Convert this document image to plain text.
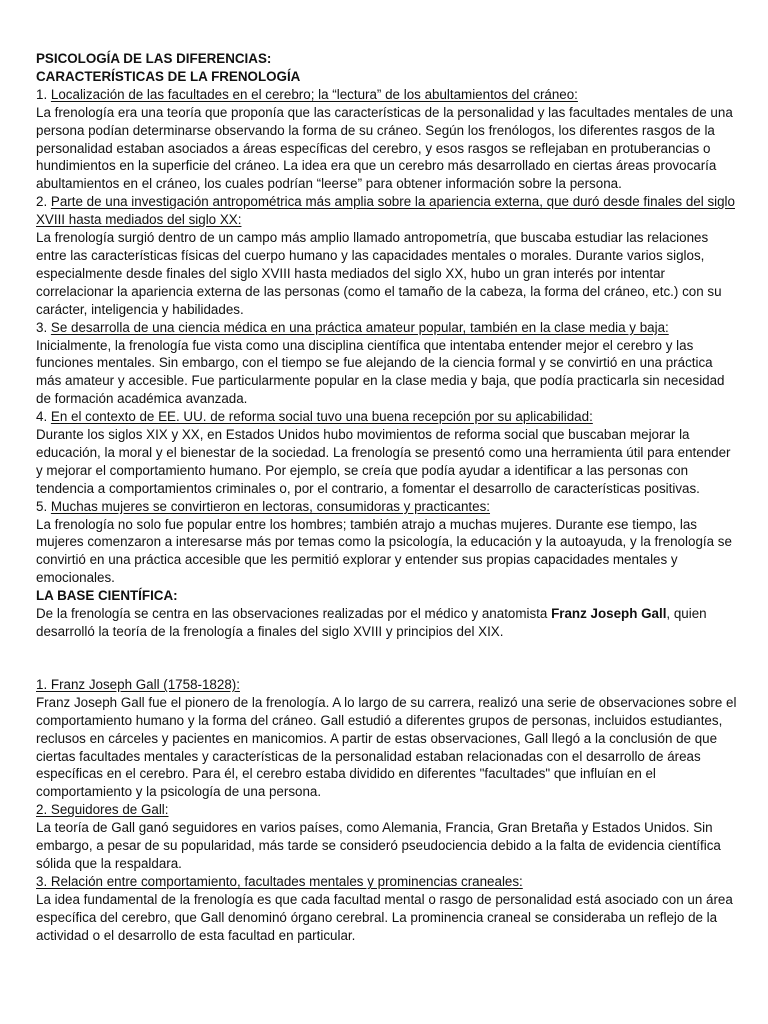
PSICOLOGÍA DE LAS DIFERENCIAS:

CARACTERÍSTICAS DE LA FRENOLOGÍA

1. Localización de las facultades en el cerebro; la “lectura” de los abultamientos del cráneo:

La frenología era una teoría que proponía que las características de la personalidad y las facultades mentales de una persona podían determinarse observando la forma de su cráneo. Según los frenólogos, los diferentes rasgos de la personalidad estaban asociados a áreas específicas del cerebro, y esos rasgos se reflejaban en protuberancias o hundimientos en la superficie del cráneo. La idea era que un cerebro más desarrollado en ciertas áreas provocaría abultamientos en el cráneo, los cuales podrían “leerse” para obtener información sobre la persona.

2. Parte de una investigación antropométrica más amplia sobre la apariencia externa, que duró desde finales del siglo XVIII hasta mediados del siglo XX:

La frenología surgió dentro de un campo más amplio llamado antropometría, que buscaba estudiar las relaciones entre las características físicas del cuerpo humano y las capacidades mentales o morales. Durante varios siglos, especialmente desde finales del siglo XVIII hasta mediados del siglo XX, hubo un gran interés por intentar correlacionar la apariencia externa de las personas (como el tamaño de la cabeza, la forma del cráneo, etc.) con su carácter, inteligencia y habilidades.

3. Se desarrolla de una ciencia médica en una práctica amateur popular, también en la clase media y baja:

Inicialmente, la frenología fue vista como una disciplina científica que intentaba entender mejor el cerebro y las funciones mentales. Sin embargo, con el tiempo se fue alejando de la ciencia formal y se convirtió en una práctica más amateur y accesible. Fue particularmente popular en la clase media y baja, que podía practicarla sin necesidad de formación académica avanzada.

4. En el contexto de EE. UU. de reforma social tuvo una buena recepción por su aplicabilidad:

Durante los siglos XIX y XX, en Estados Unidos hubo movimientos de reforma social que buscaban mejorar la educación, la moral y el bienestar de la sociedad. La frenología se presentó como una herramienta útil para entender y mejorar el comportamiento humano. Por ejemplo, se creía que podía ayudar a identificar a las personas con tendencia a comportamientos criminales o, por el contrario, a fomentar el desarrollo de características positivas.

5. Muchas mujeres se convirtieron en lectoras, consumidoras y practicantes:

La frenología no solo fue popular entre los hombres; también atrajo a muchas mujeres. Durante ese tiempo, las mujeres comenzaron a interesarse más por temas como la psicología, la educación y la autoayuda, y la frenología se convirtió en una práctica accesible que les permitió explorar y entender sus propias capacidades mentales y emocionales.

LA BASE CIENTÍFICA:

De la frenología se centra en las observaciones realizadas por el médico y anatomista Franz Joseph Gall, quien desarrolló la teoría de la frenología a finales del siglo XVIII y principios del XIX.

1. Franz Joseph Gall (1758-1828):

Franz Joseph Gall fue el pionero de la frenología. A lo largo de su carrera, realizó una serie de observaciones sobre el comportamiento humano y la forma del cráneo. Gall estudió a diferentes grupos de personas, incluidos estudiantes, reclusos en cárceles y pacientes en manicomios. A partir de estas observaciones, Gall llegó a la conclusión de que ciertas facultades mentales y características de la personalidad estaban relacionadas con el desarrollo de áreas específicas en el cerebro. Para él, el cerebro estaba dividido en diferentes "facultades" que influían en el comportamiento y la psicología de una persona.

2. Seguidores de Gall:

La teoría de Gall ganó seguidores en varios países, como Alemania, Francia, Gran Bretaña y Estados Unidos. Sin embargo, a pesar de su popularidad, más tarde se consideró pseudociencia debido a la falta de evidencia científica sólida que la respaldara.

3. Relación entre comportamiento, facultades mentales y prominencias craneales:

La idea fundamental de la frenología es que cada facultad mental o rasgo de personalidad está asociado con un área específica del cerebro, que Gall denominó órgano cerebral. La prominencia craneal se consideraba un reflejo de la actividad o el desarrollo de esta facultad en particular.
